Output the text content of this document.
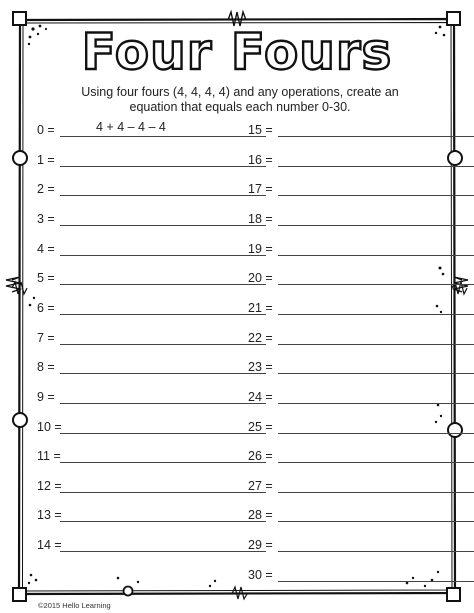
Four Fours
Using four fours (4, 4, 4, 4) and any operations, create an equation that equals each number 0-30.
0 =	4 + 4 – 4 – 4
1 =
2 =
3 =
4 =
5 =
6 =
7 =
8 =
9 =
10 =
11 =
12 =
13 =
14 =
15 =
16 =
17 =
18 =
19 =
20 =
21 =
22 =
23 =
24 =
25 =
26 =
27 =
28 =
29 =
30 =
©2015 Hello Learning
